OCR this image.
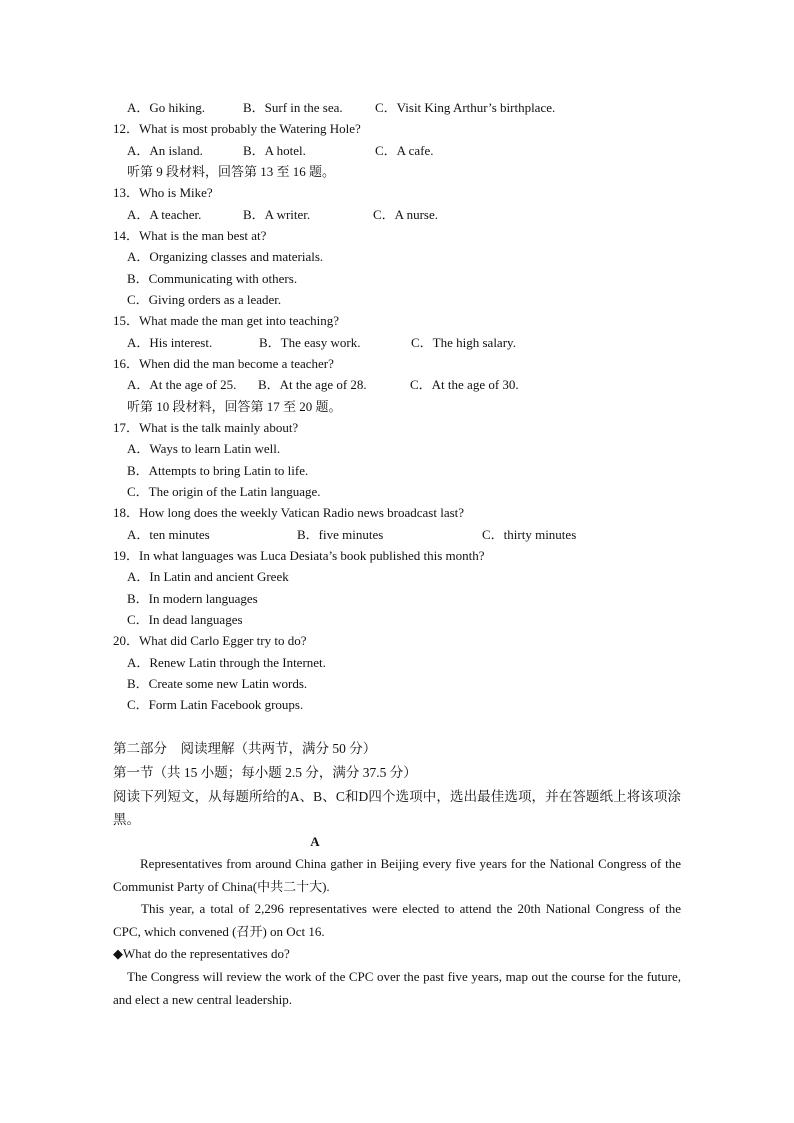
A．Go hiking.	B．Surf in the sea. C．Visit King Arthur’s birthplace.
12．What is most probably the Watering Hole?
A．An island.	B．A hotel.	C．A cafe.
听第 9 段材料，回答第 13 至 16 题。
13．Who is Mike?
A．A teacher.	B．A writer.	C．A nurse.
14．What is the man best at?
A．Organizing classes and materials.
B．Communicating with others.
C．Giving orders as a leader.
15．What made the man get into teaching?
A．His interest.	B．The easy work.	C．The high salary.
16．When did the man become a teacher?
A．At the age of 25. B．At the age of 28.	C．At the age of 30.
听第 10 段材料，回答第 17 至 20 题。
17．What is the talk mainly about?
A．Ways to learn Latin well.
B．Attempts to bring Latin to life.
C．The origin of the Latin language.
18．How long does the weekly Vatican Radio news broadcast last?
A．ten minutes	B．five minutes	C．thirty minutes
19．In what languages was Luca Desiata’s book published this month?
A．In Latin and ancient Greek
B．In modern languages
C．In dead languages
20．What did Carlo Egger try to do?
A．Renew Latin through the Internet.
B．Create some new Latin words.
C．Form Latin Facebook groups.
第二部分　阅读理解（共两节，满分 50 分）
第一节（共 15 小题；每小题 2.5 分，满分 37.5 分）
阅读下列短文，从每题所给的A、B、C和D四个选项中，选出最佳选项，并在答题纸上将该项涂黑。
A
Representatives from around China gather in Beijing every five years for the National Congress of the Communist Party of China(中共二十大).
This year, a total of 2,296 representatives were elected to attend the 20th National Congress of the CPC, which convened (召开) on Oct 16.
◆What do the representatives do?
The Congress will review the work of the CPC over the past five years, map out the course for the future, and elect a new central leadership.
